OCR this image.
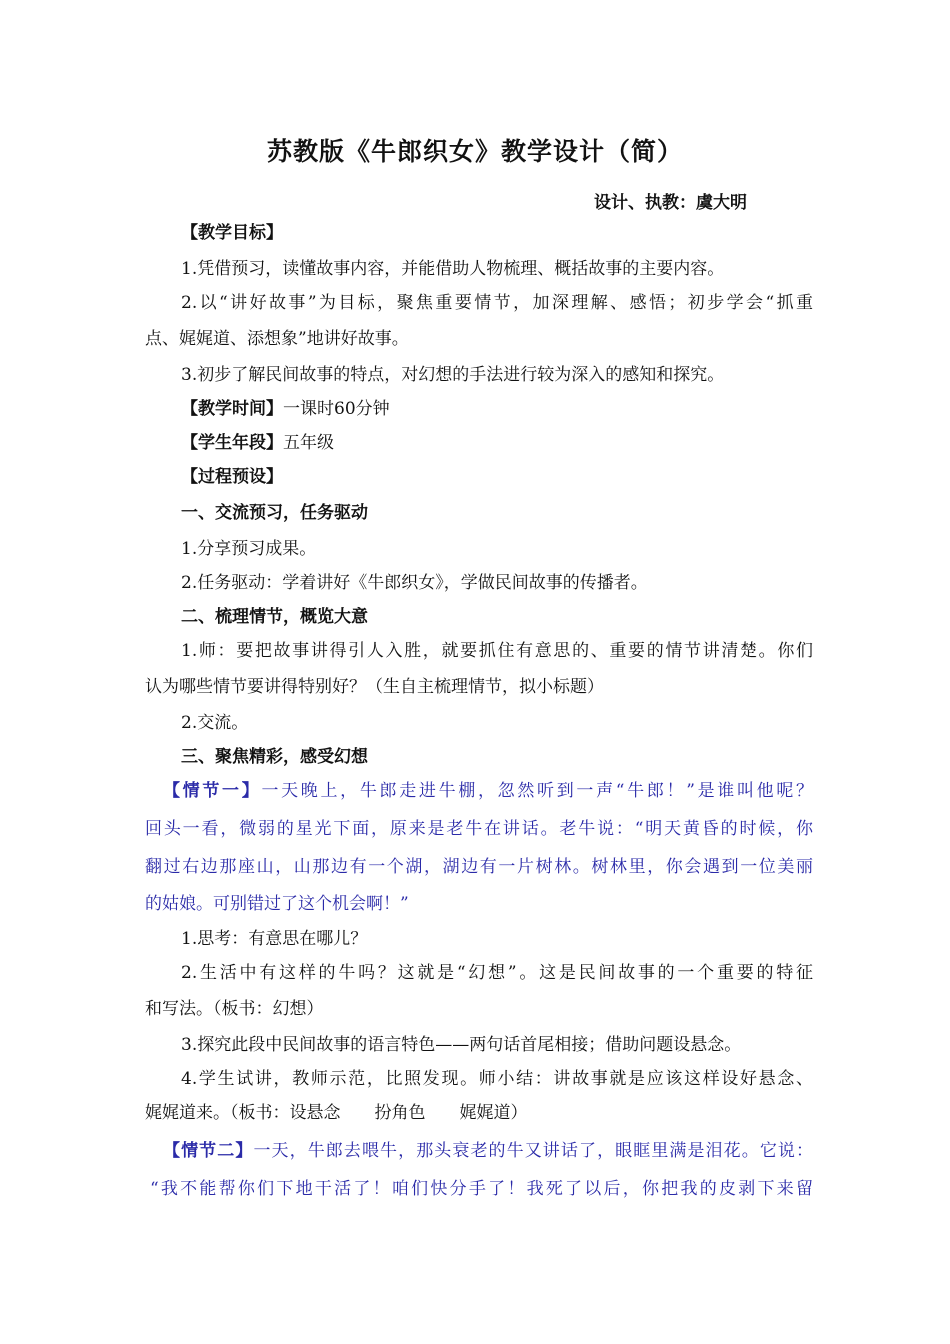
苏教版《牛郎织女》教学设计（简）
设计、执教：虞大明
【教学目标】
1.凭借预习，读懂故事内容，并能借助人物梳理、概括故事的主要内容。
2.以“讲好故事”为目标，聚焦重要情节，加深理解、感悟；初步学会“抓重
点、娓娓道、添想象”地讲好故事。
3.初步了解民间故事的特点，对幻想的手法进行较为深入的感知和探究。
【教学时间】一课时60分钟
【学生年段】五年级
【过程预设】
一、交流预习，任务驱动
1.分享预习成果。
2.任务驱动：学着讲好《牛郎织女》，学做民间故事的传播者。
二、梳理情节，概览大意
1.师：要把故事讲得引人入胜，就要抓住有意思的、重要的情节讲清楚。你们
认为哪些情节要讲得特别好？（生自主梳理情节，拟小标题）
2.交流。
三、聚焦精彩，感受幻想
【情节一】一天晚上，牛郎走进牛棚，忽然听到一声“牛郎！”是谁叫他呢？
回头一看，微弱的星光下面，原来是老牛在讲话。老牛说：“明天黄昏的时候，你
翻过右边那座山，山那边有一个湖，湖边有一片树林。树林里，你会遇到一位美丽
的姑娘。可别错过了这个机会啊！”
1.思考：有意思在哪儿？
2.生活中有这样的牛吗？这就是“幻想”。这是民间故事的一个重要的特征
和写法。（板书：幻想）
3.探究此段中民间故事的语言特色——两句话首尾相接；借助问题设悬念。
4.学生试讲，教师示范，比照发现。师小结：讲故事就是应该这样设好悬念、
娓娓道来。（板书：设悬念　　扮角色　　娓娓道）
【情节二】一天，牛郎去喂牛，那头衰老的牛又讲话了，眼眶里满是泪花。它说：
“我不能帮你们下地干活了！咱们快分手了！我死了以后，你把我的皮剥下来留
